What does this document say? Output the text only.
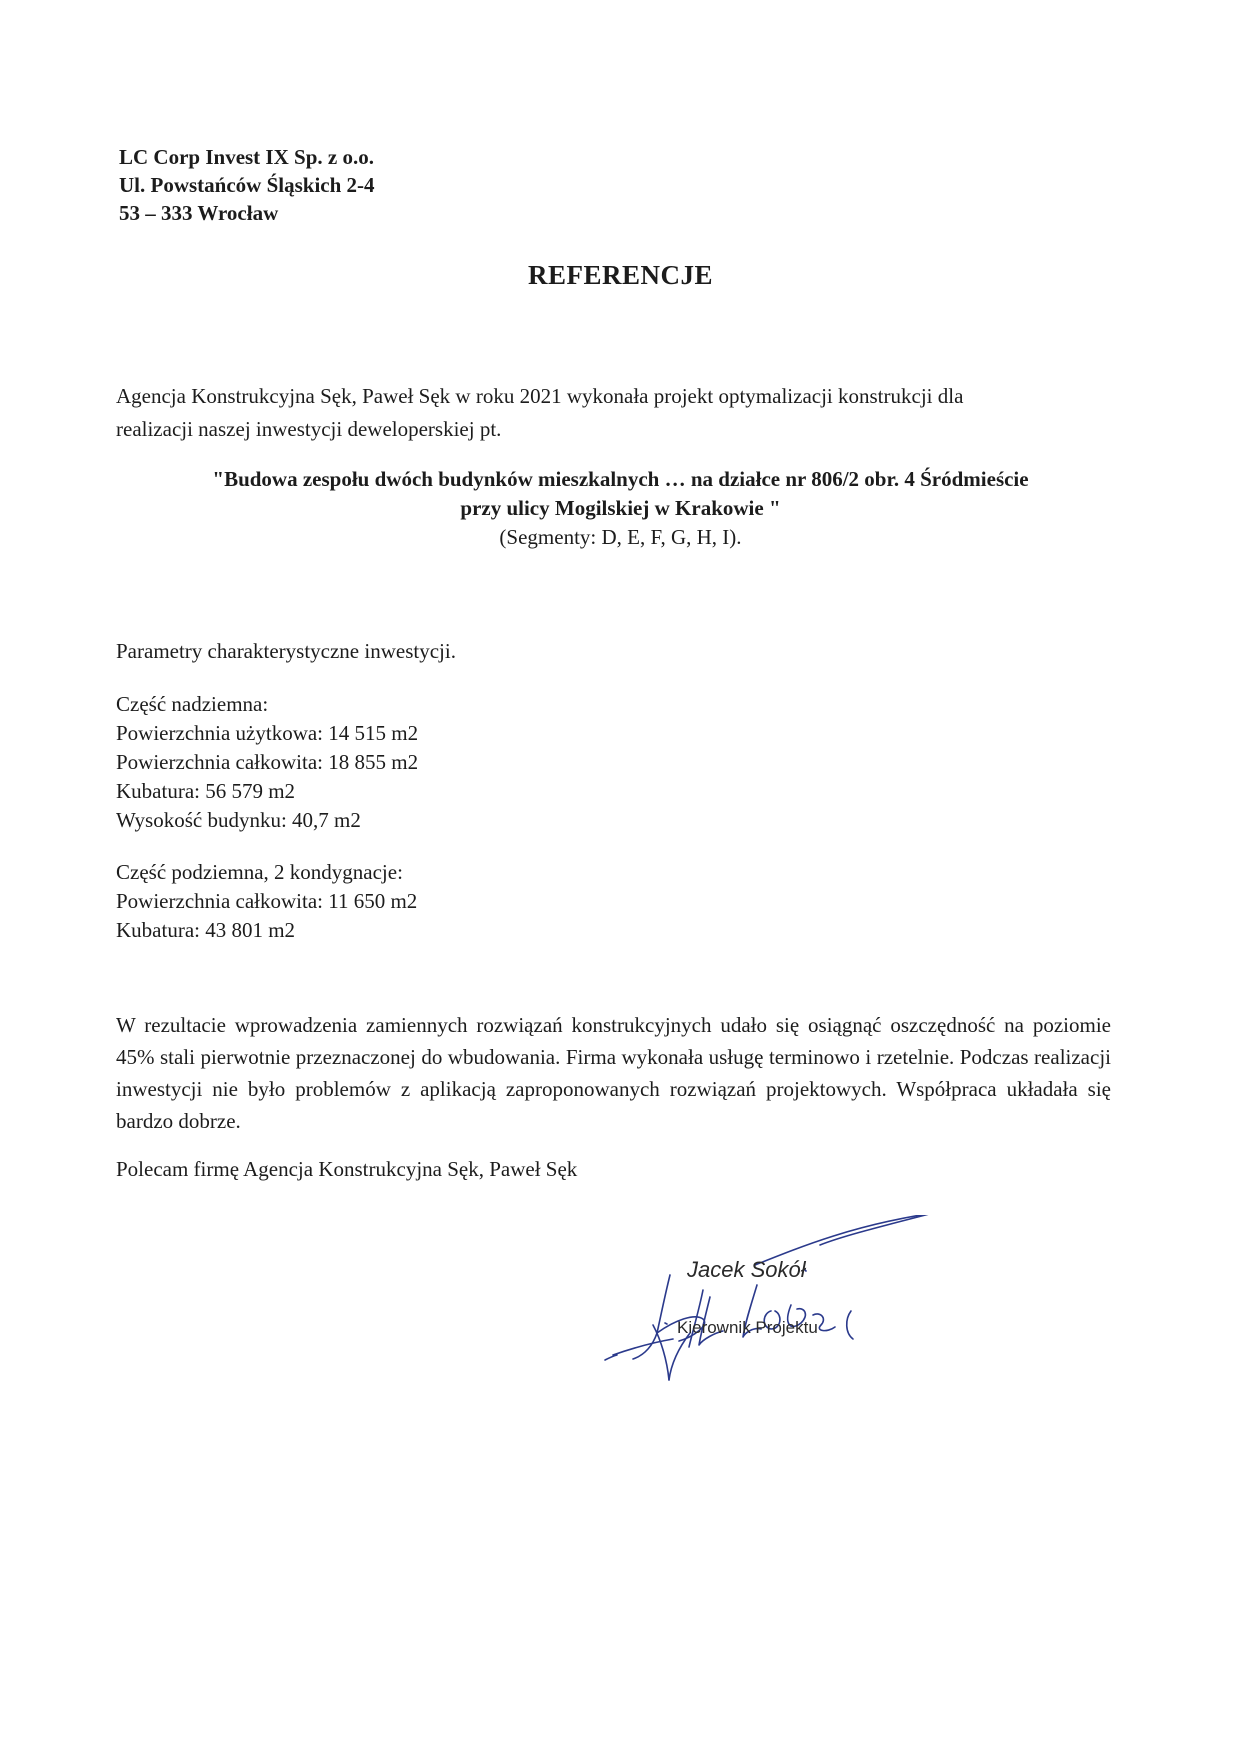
LC Corp Invest IX Sp. z o.o.
Ul. Powstańców Śląskich 2-4
53 – 333 Wrocław
REFERENCJE
Agencja Konstrukcyjna Sęk, Paweł Sęk w roku 2021 wykonała projekt optymalizacji konstrukcji dla
realizacji naszej inwestycji deweloperskiej pt.
"Budowa zespołu dwóch budynków mieszkalnych … na działce nr 806/2 obr. 4 Śródmieście
przy ulicy Mogilskiej w Krakowie "
(Segmenty: D, E, F, G, H, I).
Parametry charakterystyczne inwestycji.
Część nadziemna:
Powierzchnia użytkowa: 14 515 m2
Powierzchnia całkowita: 18 855 m2
Kubatura: 56 579 m2
Wysokość budynku: 40,7 m2
Część podziemna, 2 kondygnacje:
Powierzchnia całkowita: 11 650 m2
Kubatura: 43 801 m2
W rezultacie wprowadzenia zamiennych rozwiązań konstrukcyjnych udało się osiągnąć oszczędność na poziomie 45% stali pierwotnie przeznaczonej do wbudowania. Firma wykonała usługę terminowo i rzetelnie. Podczas realizacji inwestycji nie było problemów z aplikacją zaproponowanych rozwiązań projektowych. Współpraca układała się bardzo dobrze.
Polecam firmę Agencja Konstrukcyjna Sęk, Paweł Sęk
Jacek Sokół
Kierownik Projektu
